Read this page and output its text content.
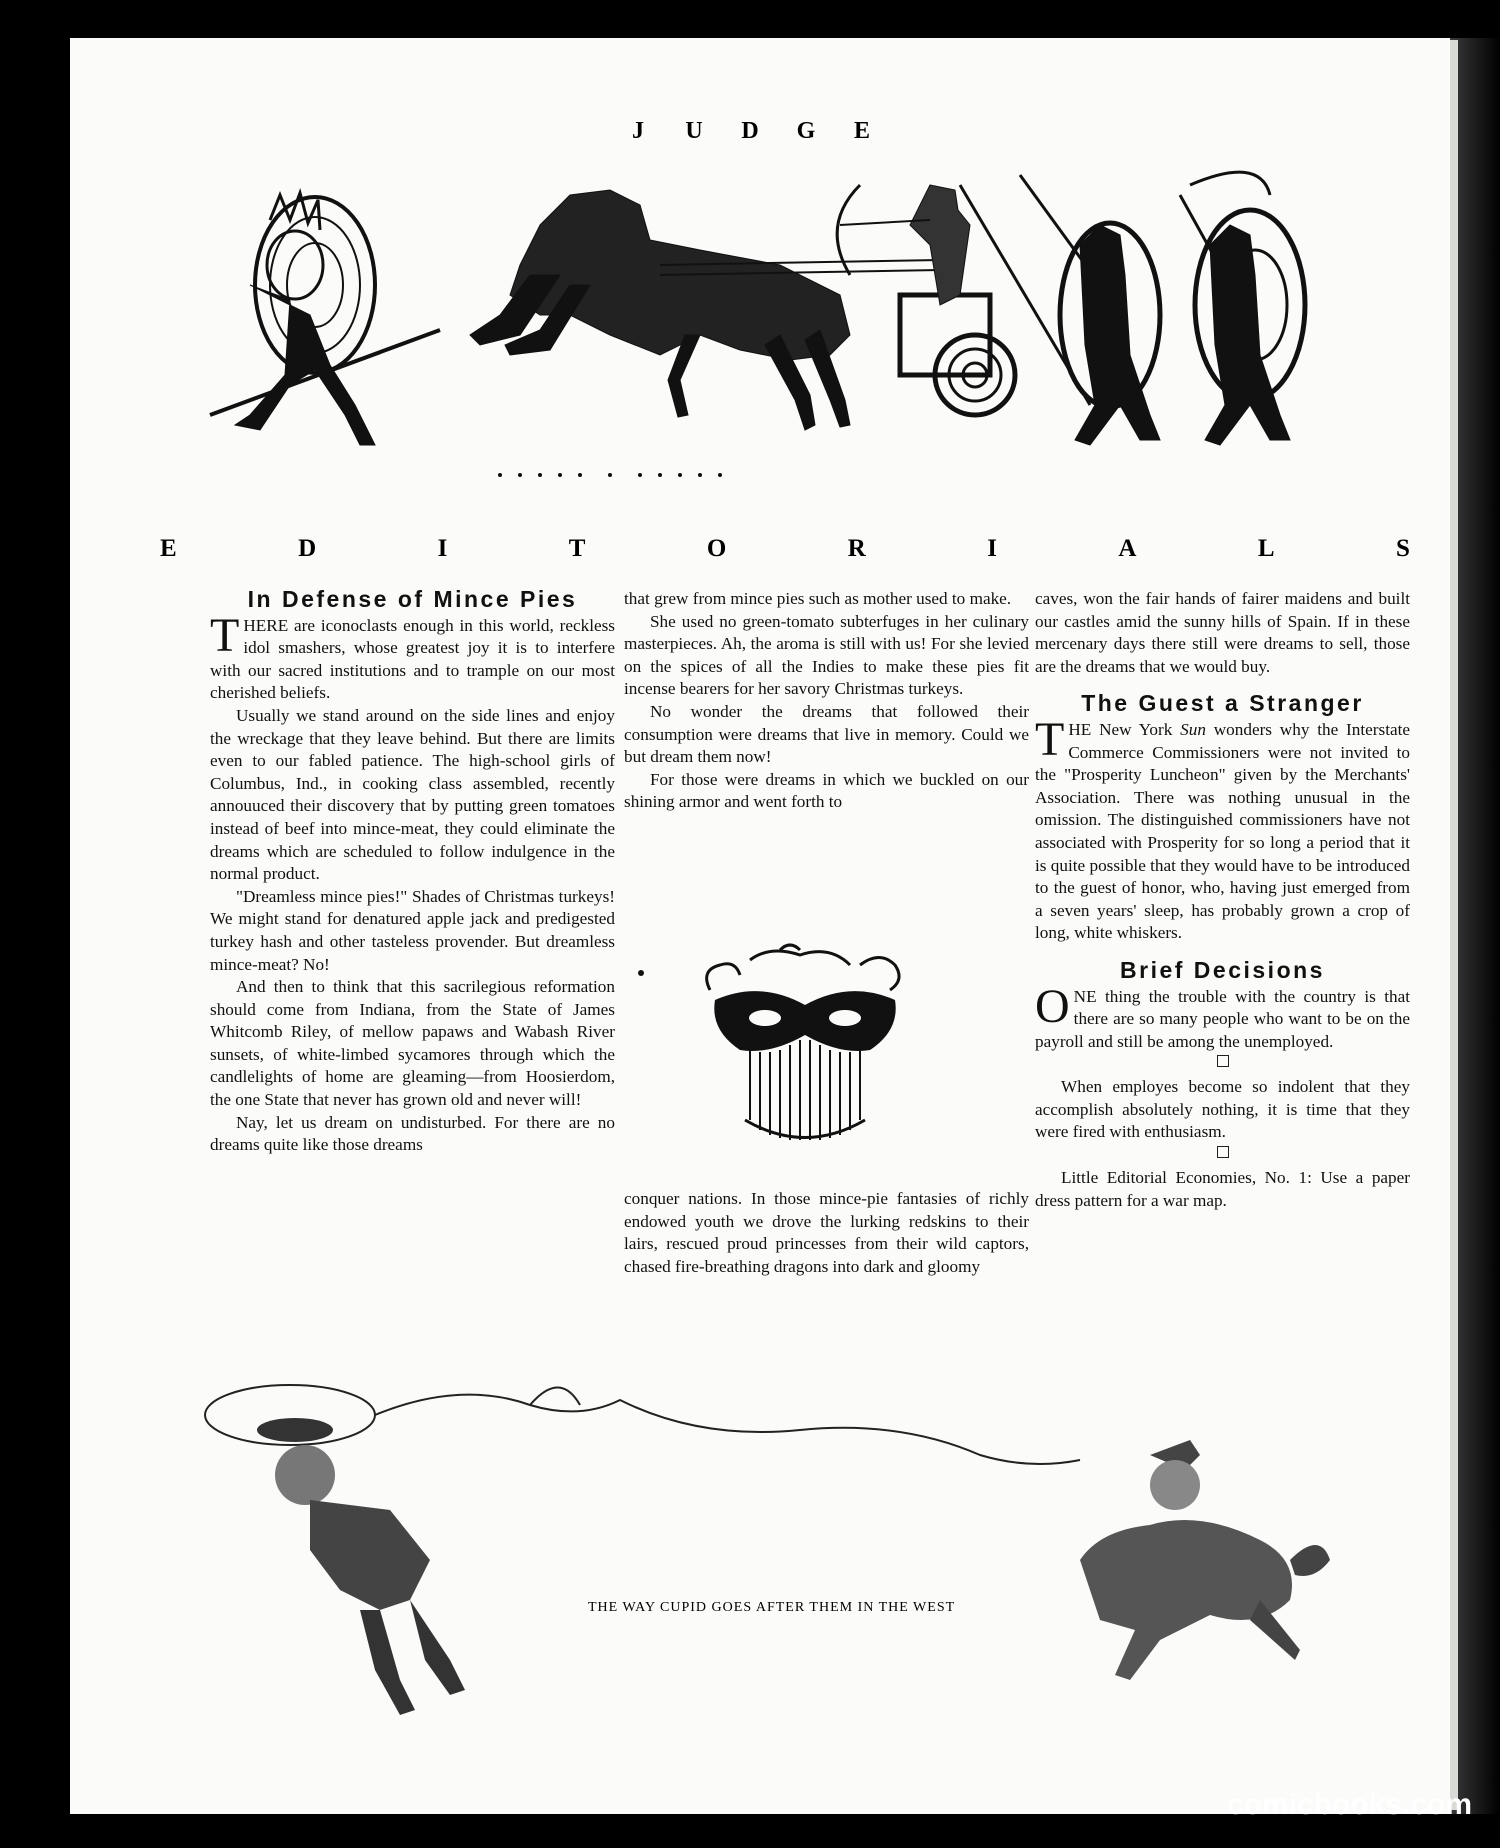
J U D G E
E	D	I	T	O	R	I	A	L	S
In Defense of Mince Pies

THERE are iconoclasts enough in this world, reckless idol smashers, whose greatest joy it is to interfere with our sacred institutions and to trample on our most cherished beliefs.

Usually we stand around on the side lines and enjoy the wreckage that they leave behind. But there are limits even to our fabled patience. The high-school girls of Columbus, Ind., in cooking class assembled, recently annouuced their discovery that by putting green tomatoes instead of beef into mince-meat, they could eliminate the dreams which are scheduled to follow indulgence in the normal product.

"Dreamless mince pies!" Shades of Christmas turkeys! We might stand for denatured apple jack and predigested turkey hash and other tasteless provender. But dreamless mince-meat? No!

And then to think that this sacrilegious reformation should come from Indiana, from the State of James Whitcomb Riley, of mellow papaws and Wabash River sunsets, of white-limbed sycamores through which the candlelights of home are gleaming—from Hoosierdom, the one State that never has grown old and never will!

Nay, let us dream on undisturbed. For there are no dreams quite like those dreams

that grew from mince pies such as mother used to make.

She used no green-tomato subterfuges in her culinary masterpieces. Ah, the aroma is still with us! For she levied on the spices of all the Indies to make these pies fit incense bearers for her savory Christmas turkeys.

No wonder the dreams that followed their consumption were dreams that live in memory. Could we but dream them now!

For those were dreams in which we buckled on our shining armor and went forth to

conquer nations. In those mince-pie fantasies of richly endowed youth we drove the lurking redskins to their lairs, rescued proud princesses from their wild captors, chased fire-breathing dragons into dark and gloomy

caves, won the fair hands of fairer maidens and built our castles amid the sunny hills of Spain. If in these mercenary days there still were dreams to sell, those are the dreams that we would buy.

The Guest a Stranger

THE New York Sun wonders why the Interstate Commerce Commissioners were not invited to the "Prosperity Luncheon" given by the Merchants' Association. There was nothing unusual in the omission. The distinguished commissioners have not associated with Prosperity for so long a period that it is quite possible that they would have to be introduced to the guest of honor, who, having just emerged from a seven years' sleep, has probably grown a crop of long, white whiskers.

Brief Decisions

ONE thing the trouble with the country is that there are so many people who want to be on the payroll and still be among the unemployed.

When employes become so indolent that they accomplish absolutely nothing, it is time that they were fired with enthusiasm.

Little Editorial Economies, No. 1: Use a paper dress pattern for a war map.

THE WAY CUPID GOES AFTER THEM IN THE WEST
comicbooks.com
